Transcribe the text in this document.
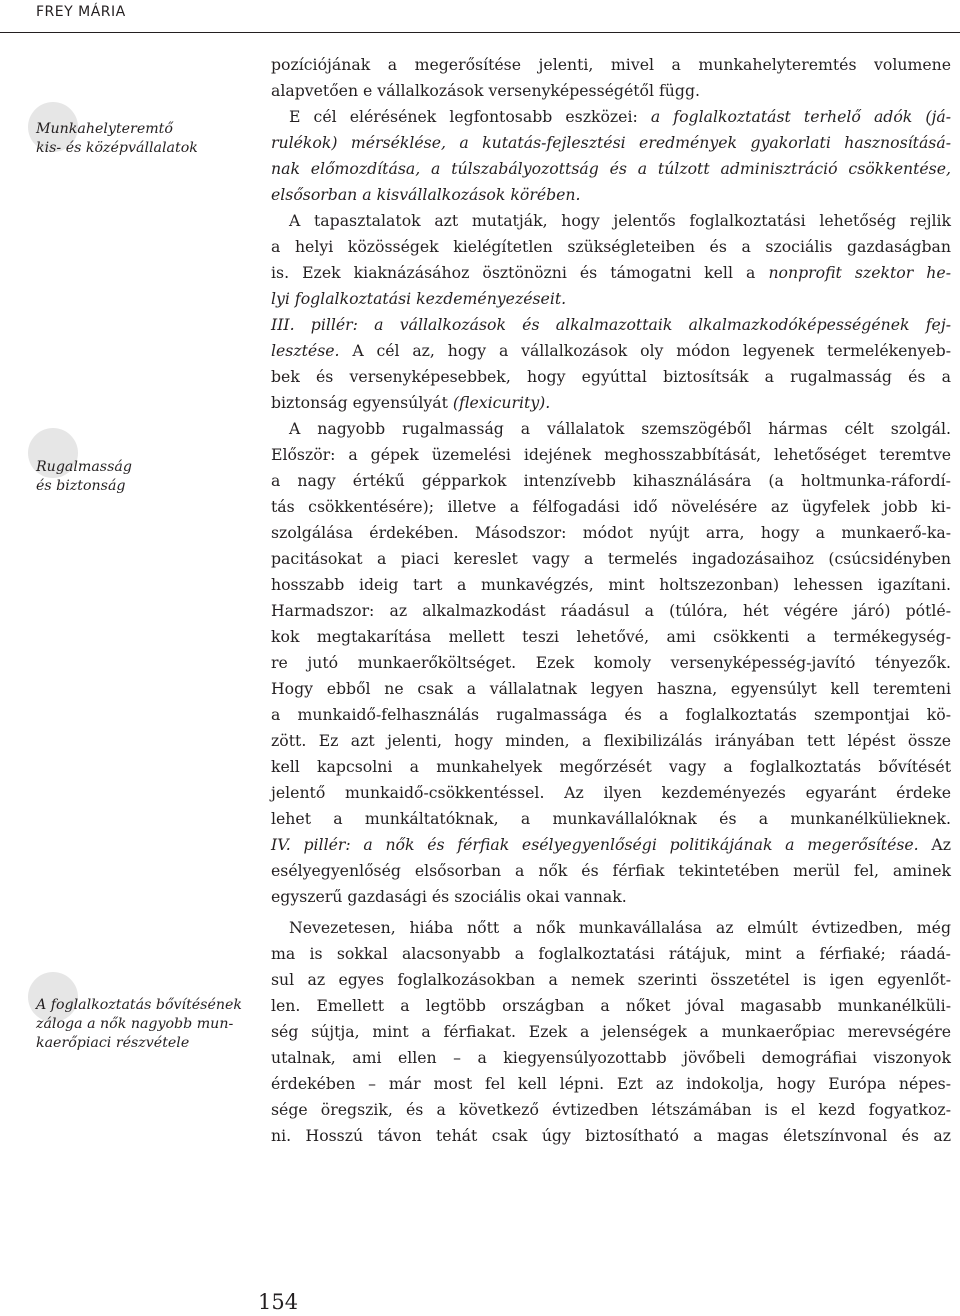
FREY MÁRIA
Munkahelyteremtő
kis- és középvállalatok
Rugalmasság
és biztonság
A foglalkoztatás bővítésének
záloga a nők nagyobb mun-
kaerőpiaci részvétele
pozíciójának a megerősítése jelenti, mivel a munkahelyteremtés volumene
alapvetően e vállalkozások versenyképességétől függ.
E cél elérésének legfontosabb eszközei: a foglalkoztatást terhelő adók (já-
rulékok) mérséklése, a kutatás-fejlesztési eredmények gyakorlati hasznosításá-
nak előmozdítása, a túlszabályozottság és a túlzott adminisztráció csökkentése,
elsősorban a kisvállalkozások körében.
A tapasztalatok azt mutatják, hogy jelentős foglalkoztatási lehetőség rejlik
a helyi közösségek kielégítetlen szükségleteiben és a szociális gazdaságban
is. Ezek kiaknázásához ösztönözni és támogatni kell a nonprofit szektor he-
lyi foglalkoztatási kezdeményezéseit.
III. pillér: a vállalkozások és alkalmazottaik alkalmazkodóképességének fej-
lesztése. A cél az, hogy a vállalkozások oly módon legyenek termelékenyeb-
bek és versenyképesebbek, hogy egyúttal biztosítsák a rugalmasság és a
biztonság egyensúlyát (flexicurity).
A nagyobb rugalmasság a vállalatok szemszögéből hármas célt szolgál.
Először: a gépek üzemelési idejének meghosszabbítását, lehetőséget teremtve
a nagy értékű gépparkok intenzívebb kihasználására (a holtmunka-ráfordí-
tás csökkentésére); illetve a félfogadási idő növelésére az ügyfelek jobb ki-
szolgálása érdekében. Másodszor: módot nyújt arra, hogy a munkaerő-ka-
pacitásokat a piaci kereslet vagy a termelés ingadozásaihoz (csúcsidényben
hosszabb ideig tart a munkavégzés, mint holtszezonban) lehessen igazítani.
Harmadszor: az alkalmazkodást ráadásul a (túlóra, hét végére járó) pótlé-
kok megtakarítása mellett teszi lehetővé, ami csökkenti a termékegység-
re jutó munkaerőköltséget. Ezek komoly versenyképesség-javító tényezők.
Hogy ebből ne csak a vállalatnak legyen haszna, egyensúlyt kell teremteni
a munkaidő-felhasználás rugalmassága és a foglalkoztatás szempontjai kö-
zött. Ez azt jelenti, hogy minden, a flexibilizálás irányában tett lépést össze
kell kapcsolni a munkahelyek megőrzését vagy a foglalkoztatás bővítését
jelentő munkaidő-csökkentéssel. Az ilyen kezdeményezés egyaránt érdeke
lehet a munkáltatóknak, a munkavállalóknak és a munkanélkülieknek.
IV. pillér: a nők és férfiak esélyegyenlőségi politikájának a megerősítése. Az
esélyegyenlőség elsősorban a nők és férfiak tekintetében merül fel, aminek
egyszerű gazdasági és szociális okai vannak.
Nevezetesen, hiába nőtt a nők munkavállalása az elmúlt évtizedben, még
ma is sokkal alacsonyabb a foglalkoztatási rátájuk, mint a férfiaké; ráadá-
sul az egyes foglalkozásokban a nemek szerinti összetétel is igen egyenlőt-
len. Emellett a legtöbb országban a nőket jóval magasabb munkanélküli-
ség sújtja, mint a férfiakat. Ezek a jelenségek a munkaerőpiac merevségére
utalnak, ami ellen – a kiegyensúlyozottabb jövőbeli demográfiai viszonyok
érdekében – már most fel kell lépni. Ezt az indokolja, hogy Európa népes-
sége öregszik, és a következő évtizedben létszámában is el kezd fogyatkoz-
ni. Hosszú távon tehát csak úgy biztosítható a magas életszínvonal és az
154
